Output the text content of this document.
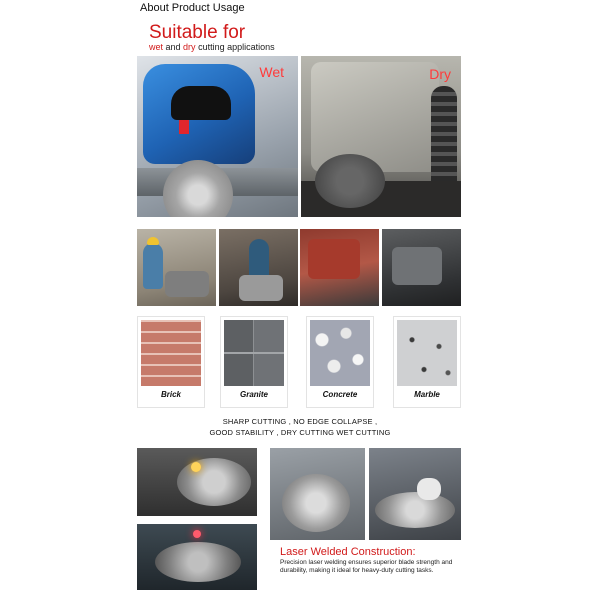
About Product Usage
Suitable for
wet and dry cutting applications
Wet	Dry
Brick	Granite	Concrete	Marble
SHARP CUTTING , NO EDGE COLLAPSE ,
GOOD STABILITY , DRY CUTTING WET CUTTING
Laser Welded Construction:
Precision laser welding ensures superior blade strength and durability, making it ideal for heavy-duty cutting tasks.
